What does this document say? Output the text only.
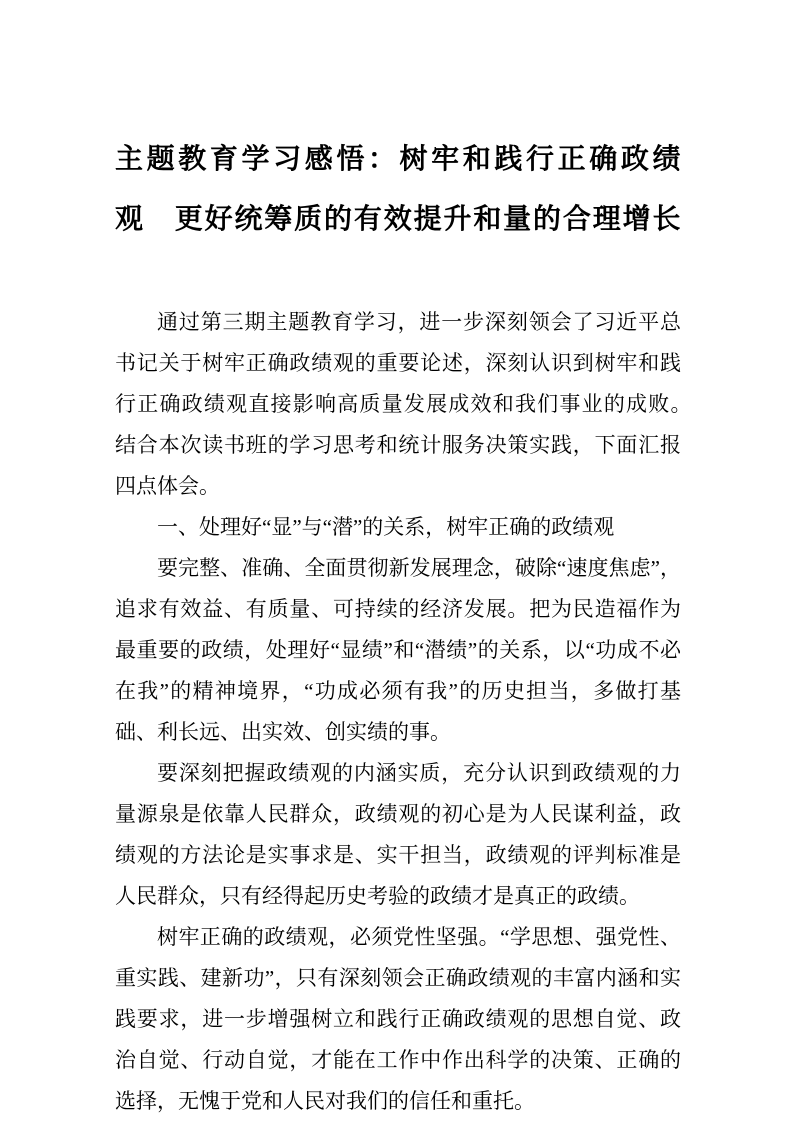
主题教育学习感悟：树牢和践行正确政绩
观　更好统筹质的有效提升和量的合理增长

通过第三期主题教育学习，进一步深刻领会了习近平总书记关于树牢正确政绩观的重要论述，深刻认识到树牢和践行正确政绩观直接影响高质量发展成效和我们事业的成败。　结合本次读书班的学习思考和统计服务决策实践，下面汇报四点体会。

一、处理好“显”与“潜”的关系，树牢正确的政绩观

要完整、准确、全面贯彻新发展理念，破除“速度焦虑”，追求有效益、有质量、可持续的经济发展。把为民造福作为最重要的政绩，处理好“显绩”和“潜绩”的关系，以“功成不必在我”的精神境界，“功成必须有我”的历史担当，多做打基础、利长远、出实效、创实绩的事。

要深刻把握政绩观的内涵实质，充分认识到政绩观的力量源泉是依靠人民群众，政绩观的初心是为人民谋利益，政绩观的方法论是实事求是、实干担当，政绩观的评判标准是人民群众，只有经得起历史考验的政绩才是真正的政绩。

树牢正确的政绩观，必须党性坚强。“学思想、强党性、重实践、建新功”，只有深刻领会正确政绩观的丰富内涵和实践要求，进一步增强树立和践行正确政绩观的思想自觉、政治自觉、行动自觉，才能在工作中作出科学的决策、正确的选择，无愧于党和人民对我们的信任和重托。
